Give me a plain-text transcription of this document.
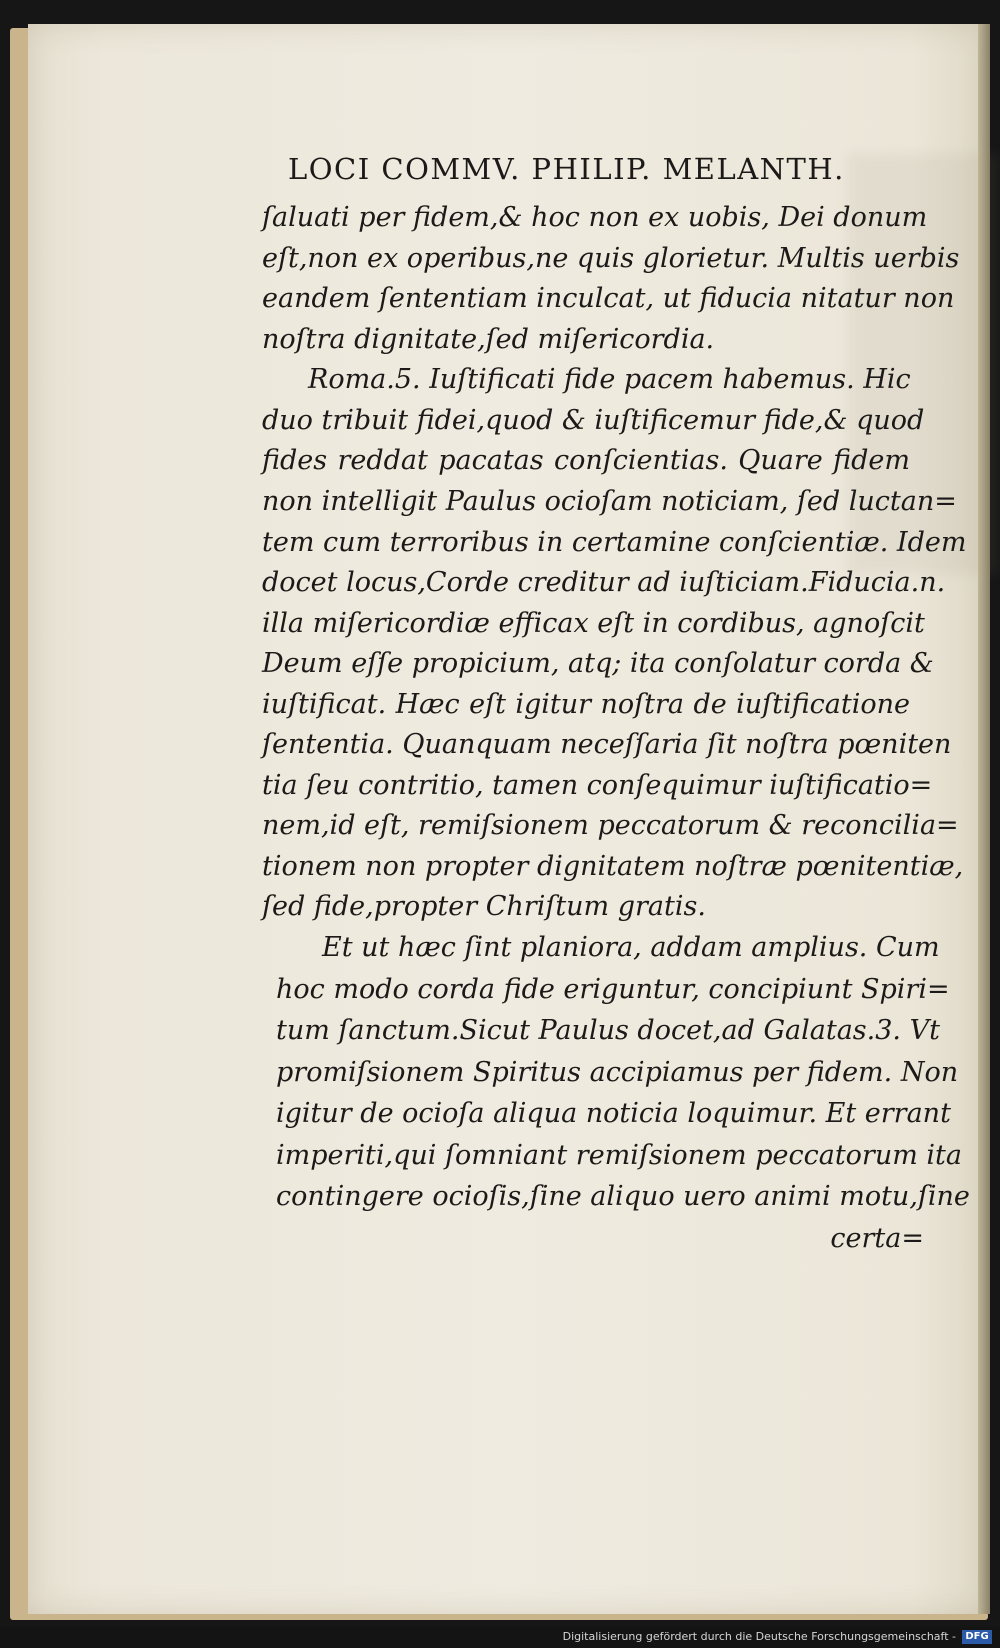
LOCI COMMV. PHILIP. MELANTH.
ſaluati per fidem,& hoc non ex uobis, Dei donum
eſt,non ex operibus,ne quis glorietur. Multis uerbis
eandem ſententiam inculcat, ut fiducia nitatur non
noſtra dignitate,ſed miſericordia.
Roma.5. Iuſtificati fide pacem habemus. Hic
duo tribuit fidei,quod & iuſtificemur fide,& quod
fides reddat pacatas conſcientias. Quare fidem
non intelligit Paulus ocioſam noticiam, ſed luctan=
tem cum terroribus in certamine conſcientiæ. Idem
docet locus,Corde creditur ad iuſticiam.Fiducia.n.
illa miſericordiæ efficax eſt in cordibus, agnoſcit
Deum eſſe propicium, atq; ita conſolatur corda &
iuſtificat. Hæc eſt igitur noſtra de iuſtificatione
ſententia. Quanquam neceſſaria ſit noſtra pœniten
tia ſeu contritio, tamen conſequimur iuſtificatio=
nem,id eſt, remiſsionem peccatorum & reconcilia=
tionem non propter dignitatem noſtræ pœnitentiæ,
ſed fide,propter Chriſtum gratis.
Et ut hæc ſint planiora, addam amplius. Cum
hoc modo corda fide eriguntur, concipiunt Spiri=
tum ſanctum.Sicut Paulus docet,ad Galatas.3. Vt
promiſsionem Spiritus accipiamus per fidem. Non
igitur de ocioſa aliqua noticia loquimur. Et errant
imperiti,qui ſomniant remiſsionem peccatorum ita
contingere ocioſis,ſine aliquo uero animi motu,ſine
certa=
Digitalisierung gefördert durch die Deutsche Forschungsgemeinschaft - DFG
